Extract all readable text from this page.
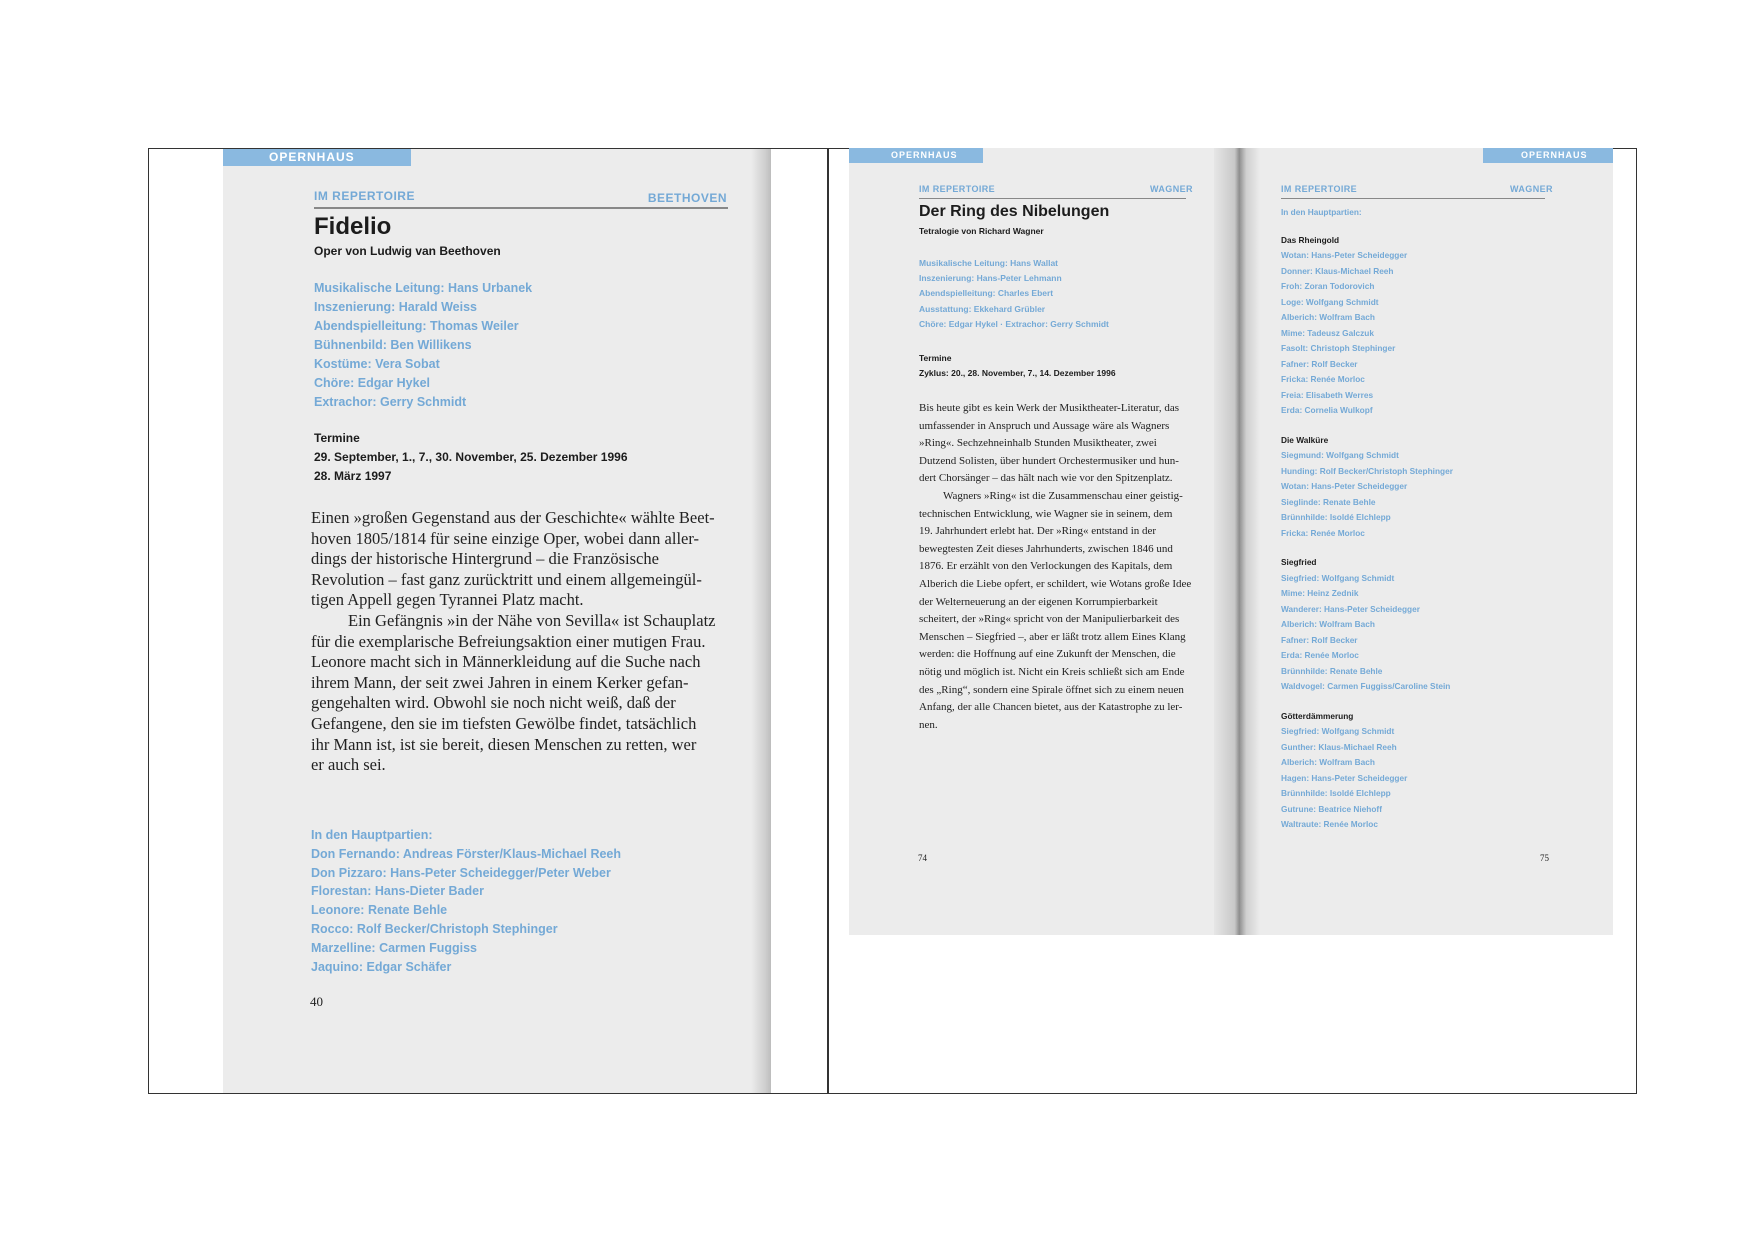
OPERNHAUS
IM REPERTOIRE	BEETHOVEN
Fidelio
Oper von Ludwig van Beethoven
Musikalische Leitung: Hans Urbanek
Inszenierung: Harald Weiss
Abendspielleitung: Thomas Weiler
Bühnenbild: Ben Willikens
Kostüme: Vera Sobat
Chöre: Edgar Hykel
Extrachor: Gerry Schmidt
Termine
29. September, 1., 7., 30. November, 25. Dezember 1996
28. März 1997
Einen »großen Gegenstand aus der Geschichte« wählte Beet-
hoven 1805/1814 für seine einzige Oper, wobei dann aller-
dings der historische Hintergrund – die Französische
Revolution – fast ganz zurücktritt und einem allgemeingül-
tigen Appell gegen Tyrannei Platz macht.
Ein Gefängnis »in der Nähe von Sevilla« ist Schauplatz
für die exemplarische Befreiungsaktion einer mutigen Frau.
Leonore macht sich in Männerkleidung auf die Suche nach
ihrem Mann, der seit zwei Jahren in einem Kerker gefan-
gengehalten wird. Obwohl sie noch nicht weiß, daß der
Gefangene, den sie im tiefsten Gewölbe findet, tatsächlich
ihr Mann ist, ist sie bereit, diesen Menschen zu retten, wer
er auch sei.
In den Hauptpartien:
Don Fernando: Andreas Förster/Klaus-Michael Reeh
Don Pizzaro: Hans-Peter Scheidegger/Peter Weber
Florestan: Hans-Dieter Bader
Leonore: Renate Behle
Rocco: Rolf Becker/Christoph Stephinger
Marzelline: Carmen Fuggiss
Jaquino: Edgar Schäfer
40
OPERNHAUS
IM REPERTOIRE	WAGNER
Der Ring des Nibelungen
Tetralogie von Richard Wagner
Musikalische Leitung: Hans Wallat
Inszenierung: Hans-Peter Lehmann
Abendspielleitung: Charles Ebert
Ausstattung: Ekkehard Grübler
Chöre: Edgar Hykel · Extrachor: Gerry Schmidt
Termine
Zyklus: 20., 28. November, 7., 14. Dezember 1996
Bis heute gibt es kein Werk der Musiktheater-Literatur, das
umfassender in Anspruch und Aussage wäre als Wagners
»Ring«. Sechzehneinhalb Stunden Musiktheater, zwei
Dutzend Solisten, über hundert Orchestermusiker und hun-
dert Chorsänger – das hält nach wie vor den Spitzenplatz.
Wagners »Ring« ist die Zusammenschau einer geistig-
technischen Entwicklung, wie Wagner sie in seinem, dem
19. Jahrhundert erlebt hat. Der »Ring« entstand in der
bewegtesten Zeit dieses Jahrhunderts, zwischen 1846 und
1876. Er erzählt von den Verlockungen des Kapitals, dem
Alberich die Liebe opfert, er schildert, wie Wotans große Idee
der Welterneuerung an der eigenen Korrumpierbarkeit
scheitert, der »Ring« spricht von der Manipulierbarkeit des
Menschen – Siegfried –, aber er läßt trotz allem Eines Klang
werden: die Hoffnung auf eine Zukunft der Menschen, die
nötig und möglich ist. Nicht ein Kreis schließt sich am Ende
des „Ring“, sondern eine Spirale öffnet sich zu einem neuen
Anfang, der alle Chancen bietet, aus der Katastrophe zu ler-
nen.
74
OPERNHAUS
IM REPERTOIRE	WAGNER
In den Hauptpartien:
Das Rheingold
Wotan: Hans-Peter Scheidegger
Donner: Klaus-Michael Reeh
Froh: Zoran Todorovich
Loge: Wolfgang Schmidt
Alberich: Wolfram Bach
Mime: Tadeusz Galczuk
Fasolt: Christoph Stephinger
Fafner: Rolf Becker
Fricka: Renée Morloc
Freia: Elisabeth Werres
Erda: Cornelia Wulkopf
Die Walküre
Siegmund: Wolfgang Schmidt
Hunding: Rolf Becker/Christoph Stephinger
Wotan: Hans-Peter Scheidegger
Sieglinde: Renate Behle
Brünnhilde: Isoldé Elchlepp
Fricka: Renée Morloc
Siegfried
Siegfried: Wolfgang Schmidt
Mime: Heinz Zednik
Wanderer: Hans-Peter Scheidegger
Alberich: Wolfram Bach
Fafner: Rolf Becker
Erda: Renée Morloc
Brünnhilde: Renate Behle
Waldvogel: Carmen Fuggiss/Caroline Stein
Götterdämmerung
Siegfried: Wolfgang Schmidt
Gunther: Klaus-Michael Reeh
Alberich: Wolfram Bach
Hagen: Hans-Peter Scheidegger
Brünnhilde: Isoldé Elchlepp
Gutrune: Beatrice Niehoff
Waltraute: Renée Morloc
75
